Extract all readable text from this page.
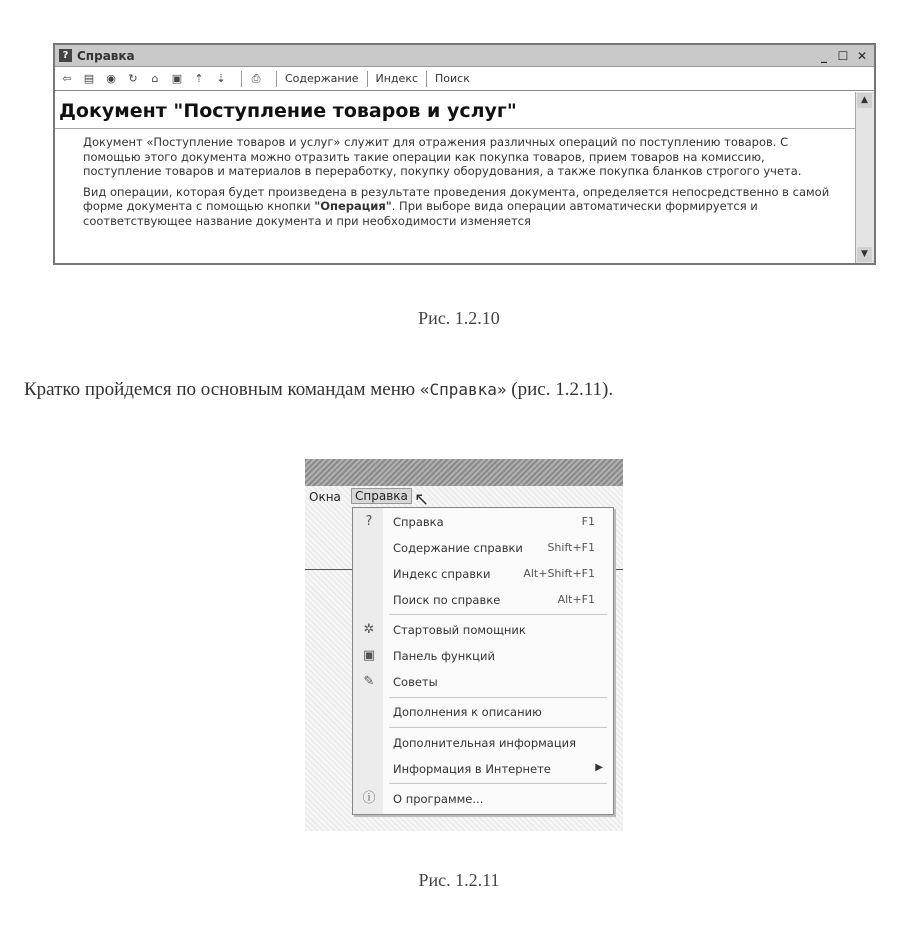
? Справка	_ ☐ ✕
⇦	▤ ◉	↻	⌂	▣	⇡	⇣	⎙	Содержание Индекс Поиск
Документ "Поступление товаров и услуг"

Документ «Поступление товаров и услуг» служит для отражения различных операций по поступлению товаров. С помощью этого документа можно отразить такие операции как покупка товаров, прием товаров на комиссию, поступление товаров и материалов в переработку, покупку оборудования, а также покупка бланков строгого учета.

Вид операции, которая будет произведена в результате проведения документа, определяется непосредственно в самой форме документа с помощью кнопки "Операция". При выборе вида операции автоматически формируется и соответствующее название документа и при необходимости изменяется

▲
▼
Рис. 1.2.10
Кратко пройдемся по основным командам меню «Справка» (рис. 1.2.11).
Окна	Справка
?	Справка	F1
Содержание справки Shift+F1
Индекс справки	Alt+Shift+F1
Поиск по справке	Alt+F1
✲ Стартовый помощник
▣ Панель функций
✎ Советы
Дополнения к описанию
Дополнительная информация
Информация в Интернете	▶
ⓘ О программе...
↖
Рис. 1.2.11
